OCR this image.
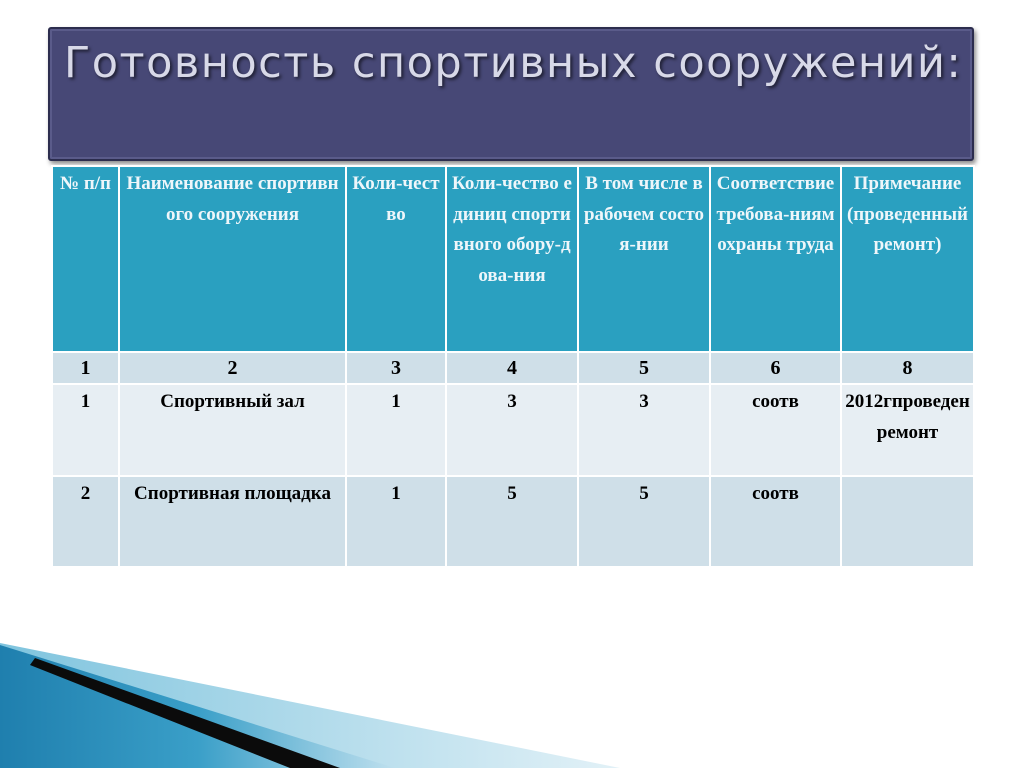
Готовность спортивных сооружений:
№ п/п	Наименование спортивного сооружения	Коли-чество	Коли-чество единиц спортивного обору-дова-ния	В том числе в рабочем состоя-нии	Соответствие требова-ниям охраны труда	Примечание (проведенный ремонт)
1	2	3	4	5	6	8
1	Спортивный зал	1	3	3	соотв	2012гпроведен ремонт
2	Спортивная площадка	1	5	5	соотв	
